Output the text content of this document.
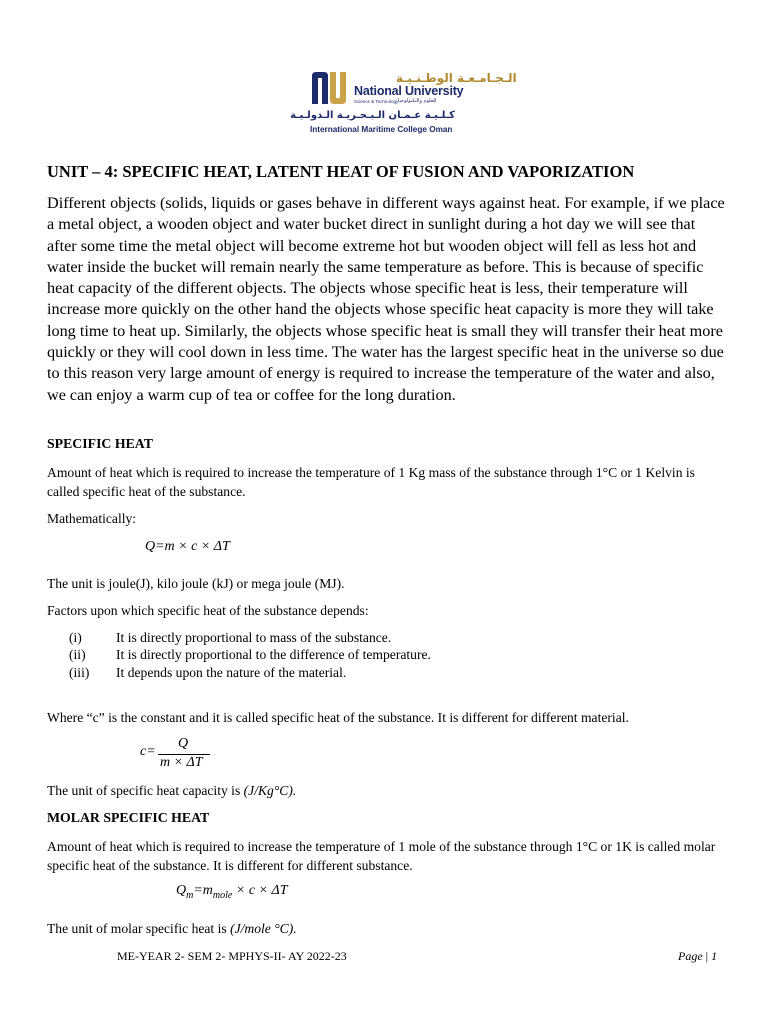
الـجـامـعـة الوطـنـيـة
National University
Science & Technology للعلوم والتكنولوجيا
كـلـيـة عـمـان الـبـحـريـة الـدولـيـة
International Maritime College Oman
UNIT – 4: SPECIFIC HEAT, LATENT HEAT OF FUSION AND VAPORIZATION

Different objects (solids, liquids or gases behave in different ways against heat. For example, if we place a metal object, a wooden object and water bucket direct in sunlight during a hot day we will see that after some time the metal object will become extreme hot but wooden object will fell as less hot and water inside the bucket will remain nearly the same temperature as before. This is because of specific heat capacity of the different objects. The objects whose specific heat is less, their temperature will increase more quickly on the other hand the objects whose specific heat capacity is more they will take long time to heat up. Similarly, the objects whose specific heat is small they will transfer their heat more quickly or they will cool down in less time. The water has the largest specific heat in the universe so due to this reason very large amount of energy is required to increase the temperature of the water and also, we can enjoy a warm cup of tea or coffee for the long duration.

SPECIFIC HEAT

Amount of heat which is required to increase the temperature of 1 Kg mass of the substance through 1°C or 1 Kelvin is called specific heat of the substance.

Mathematically:
Q=m × c × ΔT
The unit is joule(J), kilo joule (kJ) or mega joule (MJ).
Factors upon which specific heat of the substance depends:
(i)	It is directly proportional to mass of the substance.
(ii) It is directly proportional to the difference of temperature.
(iii) It depends upon the nature of the material.
Where “c” is the constant and it is called specific heat of the substance. It is different for different material.
c=
Q
m × ΔT
The unit of specific heat capacity is (J/Kg°C).
MOLAR SPECIFIC HEAT

Amount of heat which is required to increase the temperature of 1 mole of the substance through 1°C or 1K is called molar specific heat of the substance. It is different for different substance.

$Q_m=m_{mole} \times c \times \Delta T$
The unit of molar specific heat is (J/mole °C).
ME-YEAR 2- SEM 2- MPHYS-II- AY 2022-23	Page | 1
